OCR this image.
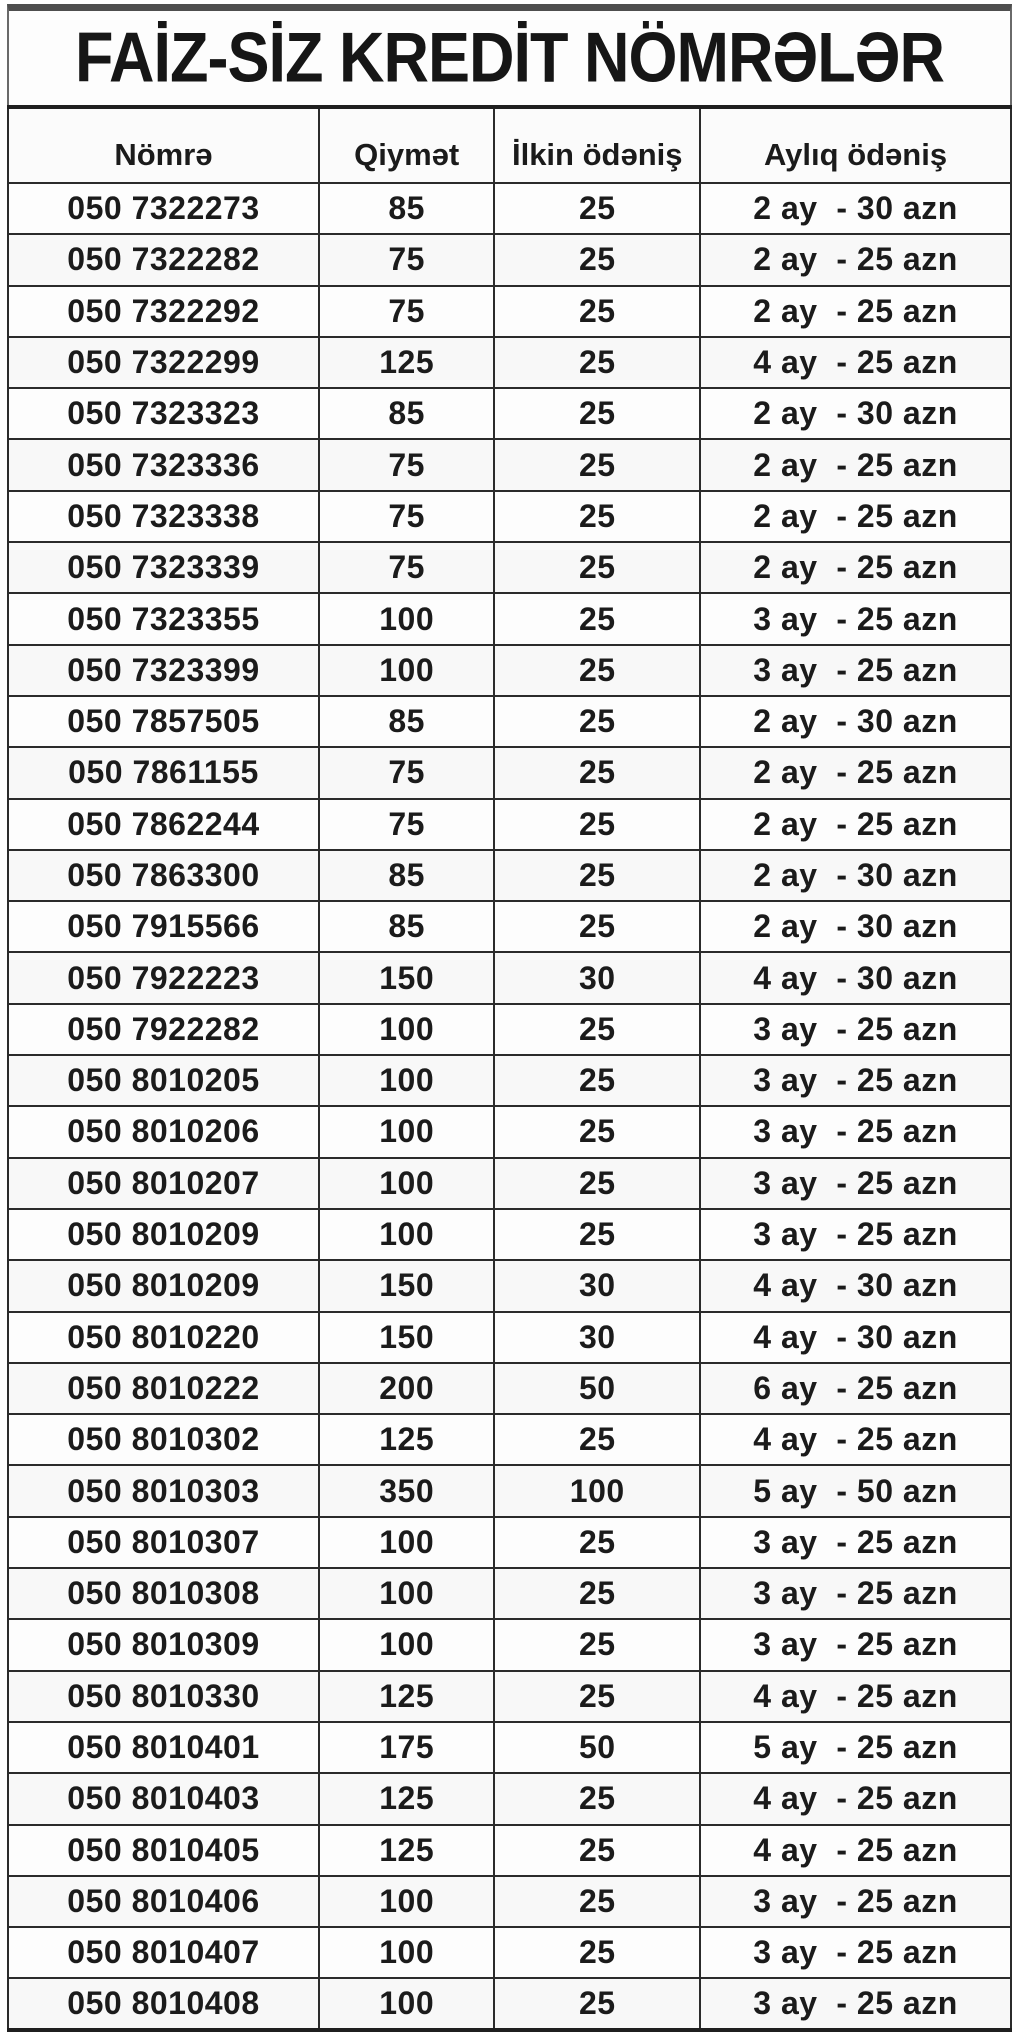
FAİZ-SİZ KREDİT NÖMRƏLƏR
Nömrə	Qiymət	İlkin ödəniş	Aylıq ödəniş
050 7322273	85	25	2 ay  - 30 azn
050 7322282	75	25	2 ay  - 25 azn
050 7322292	75	25	2 ay  - 25 azn
050 7322299	125	25	4 ay  - 25 azn
050 7323323	85	25	2 ay  - 30 azn
050 7323336	75	25	2 ay  - 25 azn
050 7323338	75	25	2 ay  - 25 azn
050 7323339	75	25	2 ay  - 25 azn
050 7323355	100	25	3 ay  - 25 azn
050 7323399	100	25	3 ay  - 25 azn
050 7857505	85	25	2 ay  - 30 azn
050 7861155	75	25	2 ay  - 25 azn
050 7862244	75	25	2 ay  - 25 azn
050 7863300	85	25	2 ay  - 30 azn
050 7915566	85	25	2 ay  - 30 azn
050 7922223	150	30	4 ay  - 30 azn
050 7922282	100	25	3 ay  - 25 azn
050 8010205	100	25	3 ay  - 25 azn
050 8010206	100	25	3 ay  - 25 azn
050 8010207	100	25	3 ay  - 25 azn
050 8010209	100	25	3 ay  - 25 azn
050 8010209	150	30	4 ay  - 30 azn
050 8010220	150	30	4 ay  - 30 azn
050 8010222	200	50	6 ay  - 25 azn
050 8010302	125	25	4 ay  - 25 azn
050 8010303	350	100	5 ay  - 50 azn
050 8010307	100	25	3 ay  - 25 azn
050 8010308	100	25	3 ay  - 25 azn
050 8010309	100	25	3 ay  - 25 azn
050 8010330	125	25	4 ay  - 25 azn
050 8010401	175	50	5 ay  - 25 azn
050 8010403	125	25	4 ay  - 25 azn
050 8010405	125	25	4 ay  - 25 azn
050 8010406	100	25	3 ay  - 25 azn
050 8010407	100	25	3 ay  - 25 azn
050 8010408	100	25	3 ay  - 25 azn
